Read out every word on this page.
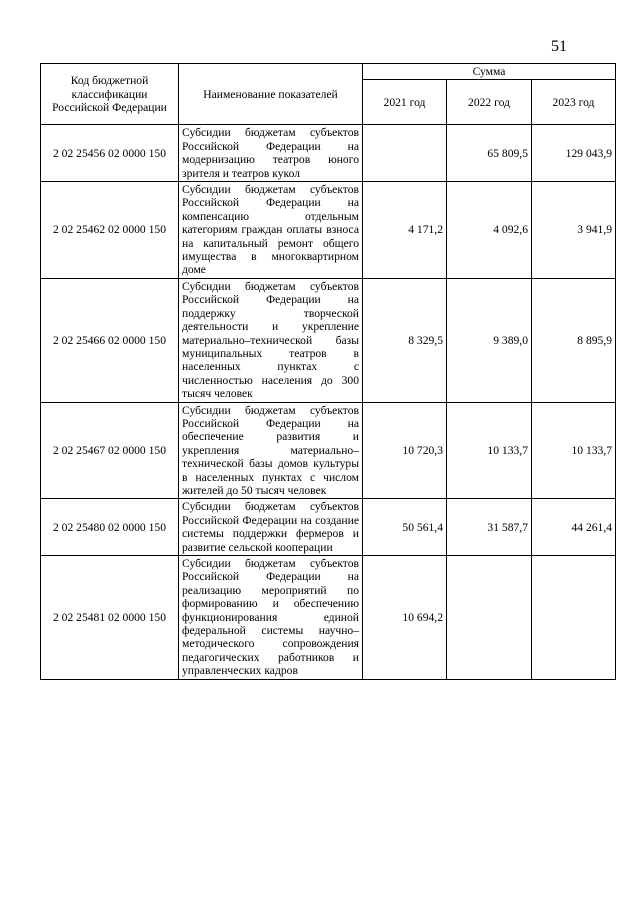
51
Код бюджетной классификации Российской Федерации	Наименование показателей	Сумма		
		2021 год	2022 год	2023 год
2 02 25456 02 0000 150	Субсидии бюджетам субъектов Российской Федерации на модернизацию театров юного зрителя и театров кукол		65 809,5	129 043,9
2 02 25462 02 0000 150	Субсидии бюджетам субъектов Российской Федерации на компенсацию отдельным категориям граждан оплаты взноса на капитальный ремонт общего имущества в многоквартирном доме	4 171,2	4 092,6	3 941,9
2 02 25466 02 0000 150	Субсидии бюджетам субъектов Российской Федерации на поддержку творческой деятельности и укрепление материально–технической базы муниципальных театров в населенных пунктах с численностью населения до 300 тысяч человек	8 329,5	9 389,0	8 895,9
2 02 25467 02 0000 150	Субсидии бюджетам субъектов Российской Федерации на обеспечение развития и укрепления материально–технической базы домов культуры в населенных пунктах с числом жителей до 50 тысяч человек	10 720,3	10 133,7	10 133,7
2 02 25480 02 0000 150	Субсидии бюджетам субъектов Российской Федерации на создание системы поддержки фермеров и развитие сельской кооперации	50 561,4	31 587,7	44 261,4
2 02 25481 02 0000 150	Субсидии бюджетам субъектов Российской Федерации на реализацию мероприятий по формированию и обеспечению функционирования единой федеральной системы научно–методического сопровождения педагогических работников и управленческих кадров	10 694,2		
